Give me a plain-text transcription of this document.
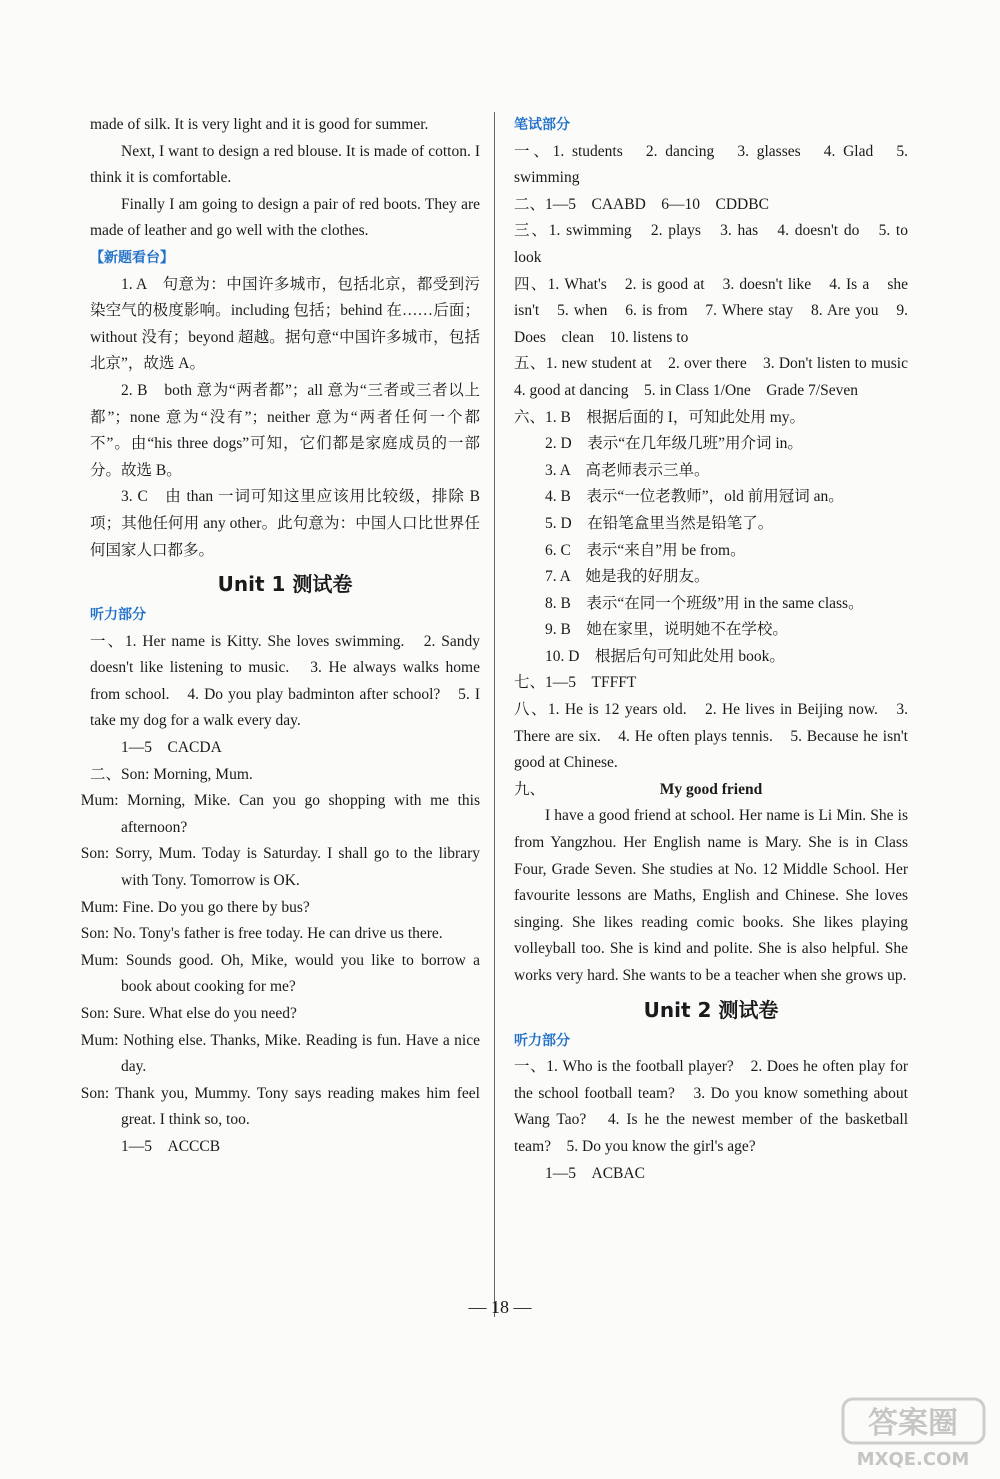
made of silk. It is very light and it is good for summer.

Next, I want to design a red blouse. It is made of cotton. I think it is comfortable.

Finally I am going to design a pair of red boots. They are made of leather and go well with the clothes.

【新题看台】

1. A　句意为：中国许多城市，包括北京，都受到污染空气的极度影响。including 包括；behind 在……后面；without 没有；beyond 超越。据句意“中国许多城市，包括北京”，故选 A。

2. B　both 意为“两者都”；all 意为“三者或三者以上都”；none 意为“没有”；neither 意为“两者任何一个都不”。由“his three dogs”可知，它们都是家庭成员的一部分。故选 B。

3. C　由 than 一词可知这里应该用比较级，排除 B 项；其他任何用 any other。此句意为：中国人口比世界任何国家人口都多。

Unit 1 测试卷

听力部分

一、1. Her name is Kitty. She loves swimming.　2. Sandy doesn't like listening to music.　3. He always walks home from school.　4. Do you play badminton after school?　5. I take my dog for a walk every day.

1—5　CACDA

二、Son: Morning, Mum.

Mum: Morning, Mike. Can you go shopping with me this afternoon?

Son: Sorry, Mum. Today is Saturday. I shall go to the library with Tony. Tomorrow is OK.

Mum: Fine. Do you go there by bus?

Son: No. Tony's father is free today. He can drive us there.

Mum: Sounds good. Oh, Mike, would you like to borrow a book about cooking for me?

Son: Sure. What else do you need?

Mum: Nothing else. Thanks, Mike. Reading is fun. Have a nice day.

Son: Thank you, Mummy. Tony says reading makes him feel great. I think so, too.

1—5　ACCCB

笔试部分

一、1. students　2. dancing　3. glasses　4. Glad　5. swimming

二、1—5　CAABD　6—10　CDDBC

三、1. swimming　2. plays　3. has　4. doesn't do　5. to look

四、1. What's　2. is good at　3. doesn't like　4. Is a　she isn't　5. when　6. is from　7. Where stay　8. Are you　9. Does　clean　10. listens to

五、1. new student at　2. over there　3. Don't listen to music　4. good at dancing　5. in Class 1/One　Grade 7/Seven

六、1. B　根据后面的 I，可知此处用 my。

2. D　表示“在几年级几班”用介词 in。

3. A　高老师表示三单。

4. B　表示“一位老教师”，old 前用冠词 an。

5. D　在铅笔盒里当然是铅笔了。

6. C　表示“来自”用 be from。

7. A　她是我的好朋友。

8. B　表示“在同一个班级”用 in the same class。

9. B　她在家里，说明她不在学校。

10. D　根据后句可知此处用 book。

七、1—5　TFFFT

八、1. He is 12 years old.　2. He lives in Beijing now.　3. There are six.　4. He often plays tennis.　5. Because he isn't good at Chinese.

九、	My good friend

I have a good friend at school. Her name is Li Min. She is from Yangzhou. Her English name is Mary. She is in Class Four, Grade Seven. She studies at No. 12 Middle School. Her favourite lessons are Maths, English and Chinese. She loves singing. She likes reading comic books. She likes playing volleyball too. She is kind and polite. She is also helpful. She works very hard. She wants to be a teacher when she grows up.

Unit 2 测试卷

听力部分

一、1. Who is the football player?　2. Does he often play for the school football team?　3. Do you know something about Wang Tao?　4. Is he the newest member of the basketball team?　5. Do you know the girl's age?

1—5　ACBAC

— 18 —
答案圈
MXQE.COM
